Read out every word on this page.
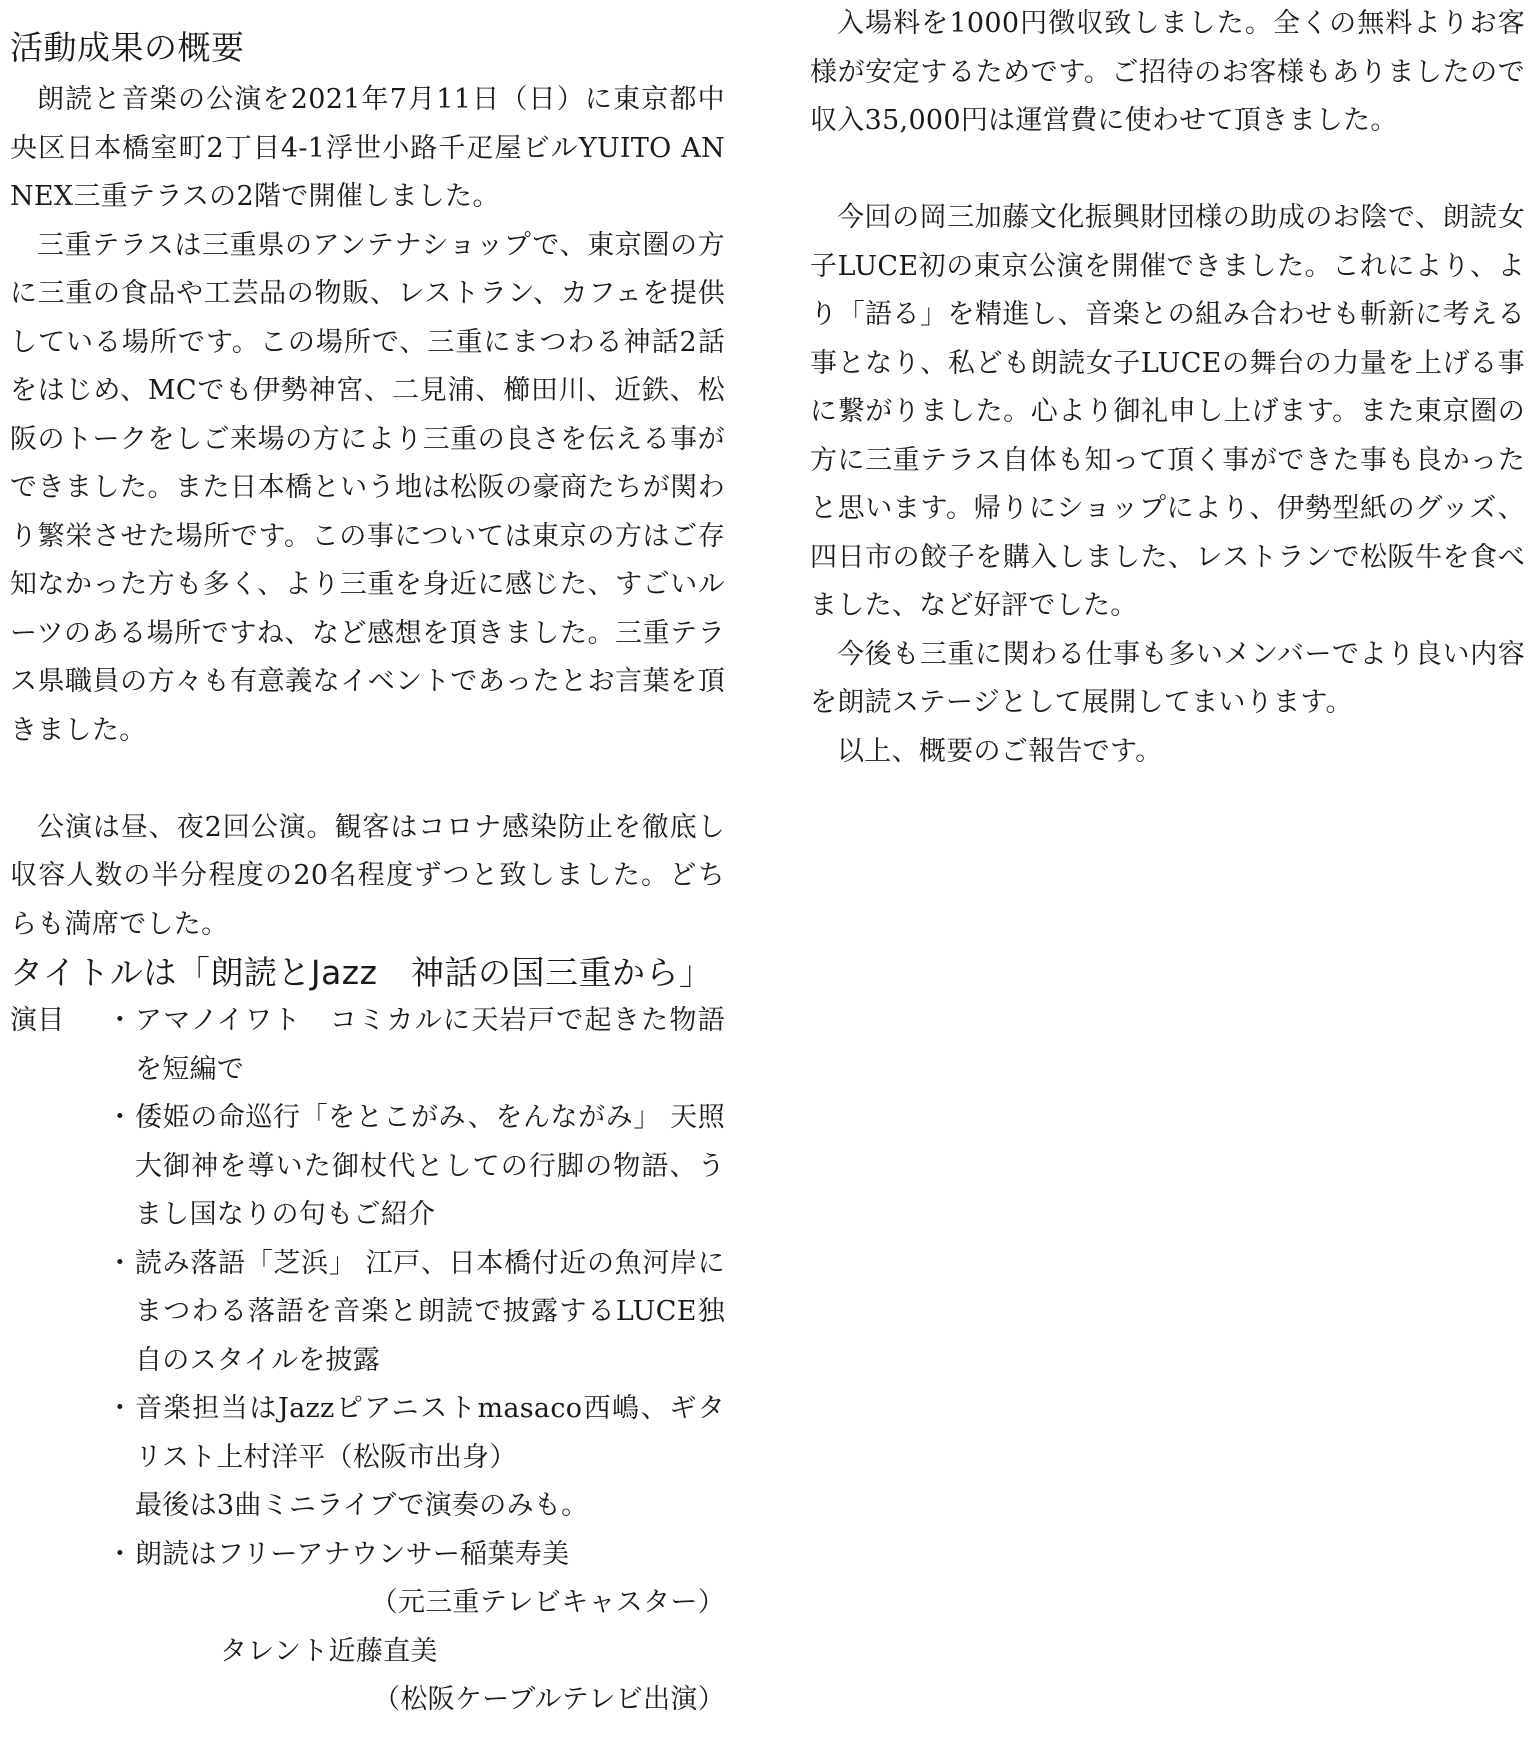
活動成果の概要

朗読と音楽の公演を2021年7月11日（日）に東京都中央区日本橋室町2丁目4-1浮世小路千疋屋ビルYUITO ANNEX三重テラスの2階で開催しました。

三重テラスは三重県のアンテナショップで、東京圏の方に三重の食品や工芸品の物販、レストラン、カフェを提供している場所です。この場所で、三重にまつわる神話2話をはじめ、MCでも伊勢神宮、二見浦、櫛田川、近鉄、松阪のトークをしご来場の方により三重の良さを伝える事ができました。また日本橋という地は松阪の豪商たちが関わり繁栄させた場所です。この事については東京の方はご存知なかった方も多く、より三重を身近に感じた、すごいルーツのある場所ですね、など感想を頂きました。三重テラス県職員の方々も有意義なイベントであったとお言葉を頂きました。

公演は昼、夜2回公演。観客はコロナ感染防止を徹底し収容人数の半分程度の20名程度ずつと致しました。どちらも満席でした。

タイトルは「朗読とJazz　神話の国三重から」
演目	・ アマノイワト　コミカルに天岩戸で起きた物語を短編で
・ 倭姫の命巡行「をとこがみ、をんながみ」 天照大御神を導いた御杖代としての行脚の物語、うまし国なりの句もご紹介
・ 読み落語「芝浜」 江戸、日本橋付近の魚河岸にまつわる落語を音楽と朗読で披露するLUCE独自のスタイルを披露
・ 音楽担当はJazzピアニストmasaco西嶋、ギタリスト上村洋平（松阪市出身）
最後は3曲ミニライブで演奏のみも。
・ 朗読はフリーアナウンサー稲葉寿美
（元三重テレビキャスター）
タレント近藤直美
（松阪ケーブルテレビ出演）

入場料を1000円徴収致しました。全くの無料よりお客様が安定するためです。ご招待のお客様もありましたので収入35,000円は運営費に使わせて頂きました。

今回の岡三加藤文化振興財団様の助成のお陰で、朗読女子LUCE初の東京公演を開催できました。これにより、より「語る」を精進し、音楽との組み合わせも斬新に考える事となり、私ども朗読女子LUCEの舞台の力量を上げる事に繋がりました。心より御礼申し上げます。また東京圏の方に三重テラス自体も知って頂く事ができた事も良かったと思います。帰りにショップにより、伊勢型紙のグッズ、四日市の餃子を購入しました、レストランで松阪牛を食べました、など好評でした。

今後も三重に関わる仕事も多いメンバーでより良い内容を朗読ステージとして展開してまいります。

以上、概要のご報告です。
